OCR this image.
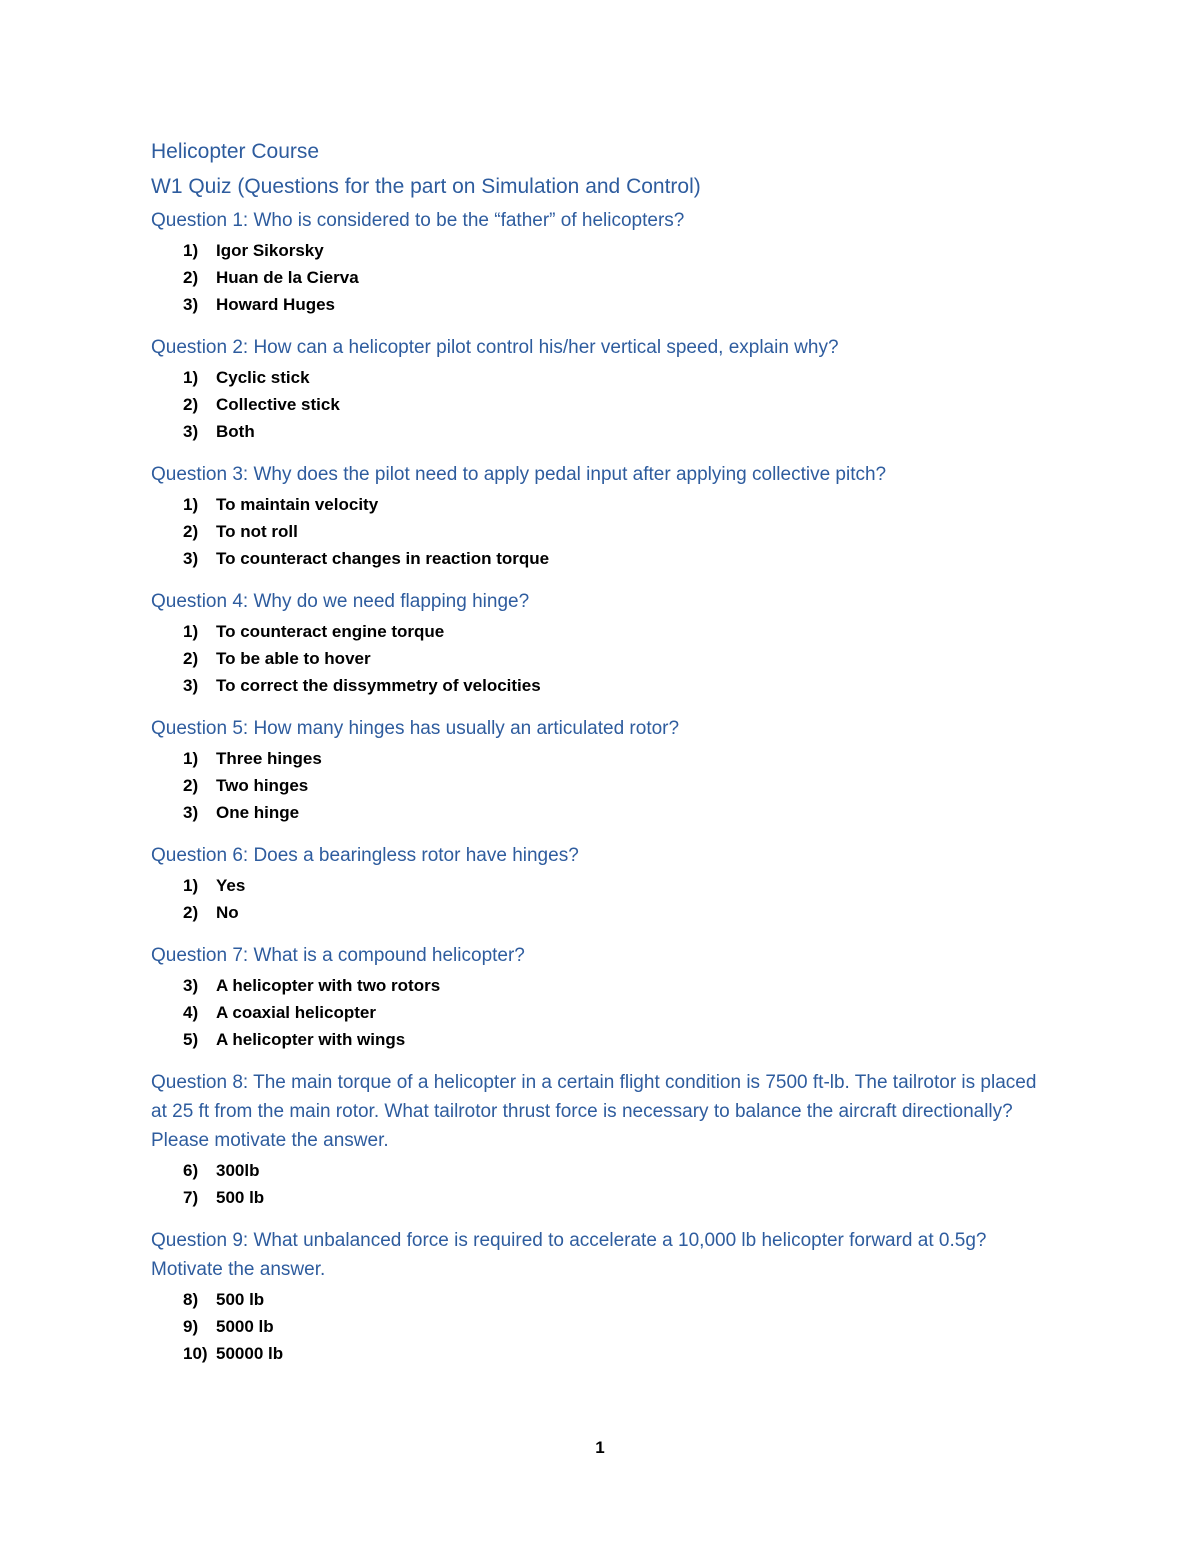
Helicopter Course
W1 Quiz (Questions for the part on Simulation and Control)
Question 1: Who is considered to be the “father” of helicopters?
1)	Igor Sikorsky
2)	Huan de la Cierva
3)	Howard Huges
Question 2: How can a helicopter pilot control his/her vertical speed, explain why?
1)	Cyclic stick
2)	Collective stick
3)	Both
Question 3: Why does the pilot need to apply pedal input after applying collective pitch?
1)	To maintain velocity
2)	To not roll
3)	To counteract changes in reaction torque
Question 4: Why do we need flapping hinge?
1)	To counteract engine torque
2)	To be able to hover
3)	To correct the dissymmetry of velocities
Question 5: How many hinges has usually an articulated rotor?
1)	Three hinges
2)	Two hinges
3)	One hinge
Question 6: Does a bearingless rotor have hinges?
1)	Yes
2)	No
Question 7: What is a compound helicopter?
3)	A helicopter with two rotors
4)	A coaxial helicopter
5)	A helicopter with wings
Question 8: The main torque of a helicopter in a certain flight condition is 7500 ft-lb. The tailrotor is placed at 25 ft from the main rotor. What tailrotor thrust force is necessary to balance the aircraft directionally? Please motivate the answer.
6)	300lb
7)	500 lb
Question 9: What unbalanced force is required to accelerate a 10,000 lb helicopter forward at 0.5g? Motivate the answer.
8)	500 lb
9)	5000 lb
10) 50000 lb
1
